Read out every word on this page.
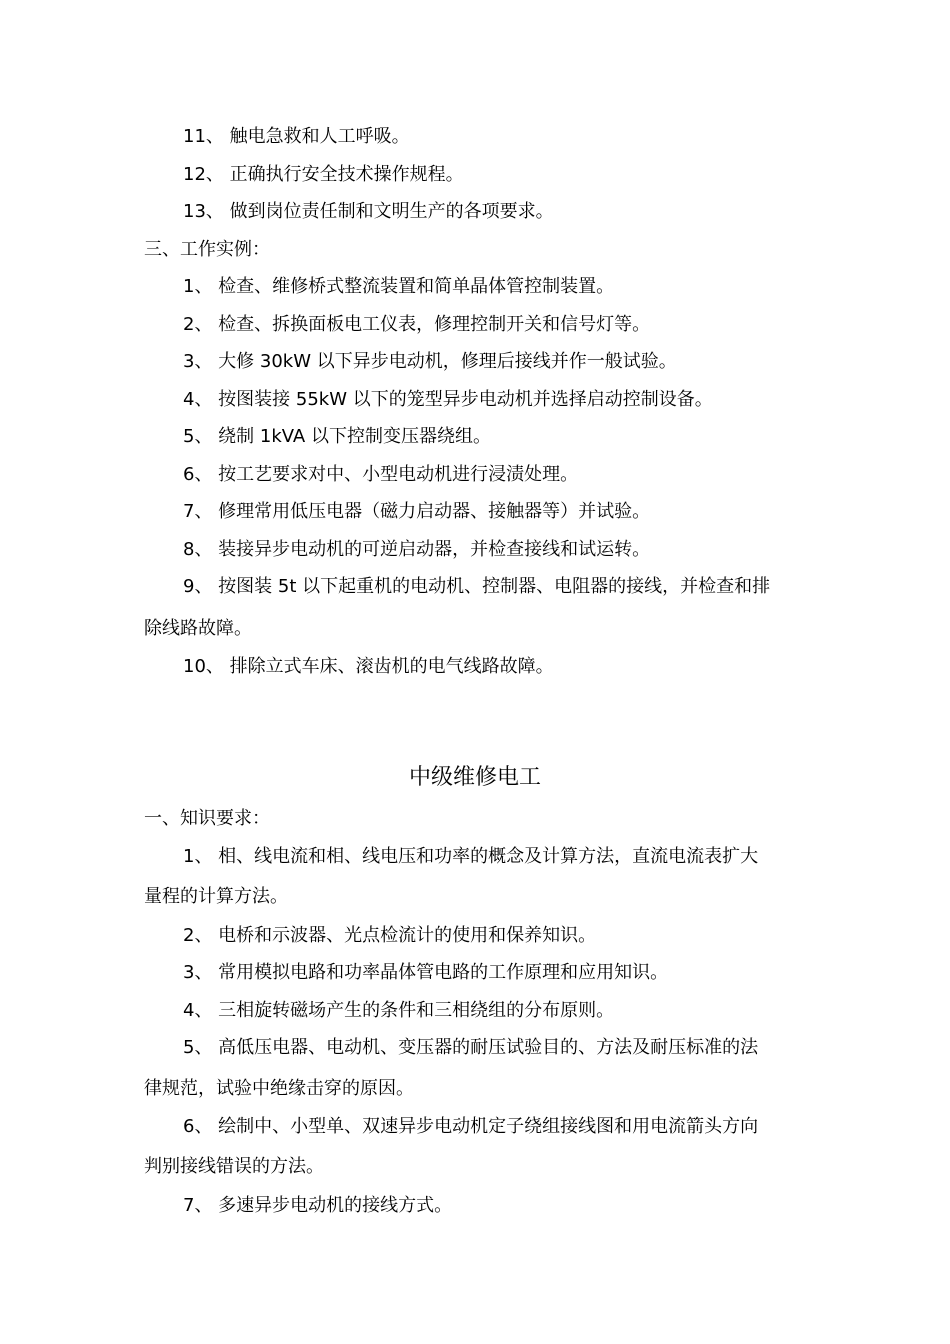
11、 触电急救和人工呼吸。
12、 正确执行安全技术操作规程。
13、 做到岗位责任制和文明生产的各项要求。
三、工作实例：
1、 检查、维修桥式整流装置和简单晶体管控制装置。
2、 检查、拆换面板电工仪表，修理控制开关和信号灯等。
3、 大修 30kW 以下异步电动机，修理后接线并作一般试验。
4、 按图装接 55kW 以下的笼型异步电动机并选择启动控制设备。
5、 绕制 1kVA 以下控制变压器绕组。
6、 按工艺要求对中、小型电动机进行浸渍处理。
7、 修理常用低压电器（磁力启动器、接触器等）并试验。
8、 装接异步电动机的可逆启动器，并检查接线和试运转。
9、 按图装 5t 以下起重机的电动机、控制器、电阻器的接线，并检查和排
除线路故障。
10、 排除立式车床、滚齿机的电气线路故障。
中级维修电工
一、知识要求：
1、 相、线电流和相、线电压和功率的概念及计算方法，直流电流表扩大
量程的计算方法。
2、 电桥和示波器、光点检流计的使用和保养知识。
3、 常用模拟电路和功率晶体管电路的工作原理和应用知识。
4、 三相旋转磁场产生的条件和三相绕组的分布原则。
5、 高低压电器、电动机、变压器的耐压试验目的、方法及耐压标准的法
律规范，试验中绝缘击穿的原因。
6、 绘制中、小型单、双速异步电动机定子绕组接线图和用电流箭头方向
判别接线错误的方法。
7、 多速异步电动机的接线方式。
